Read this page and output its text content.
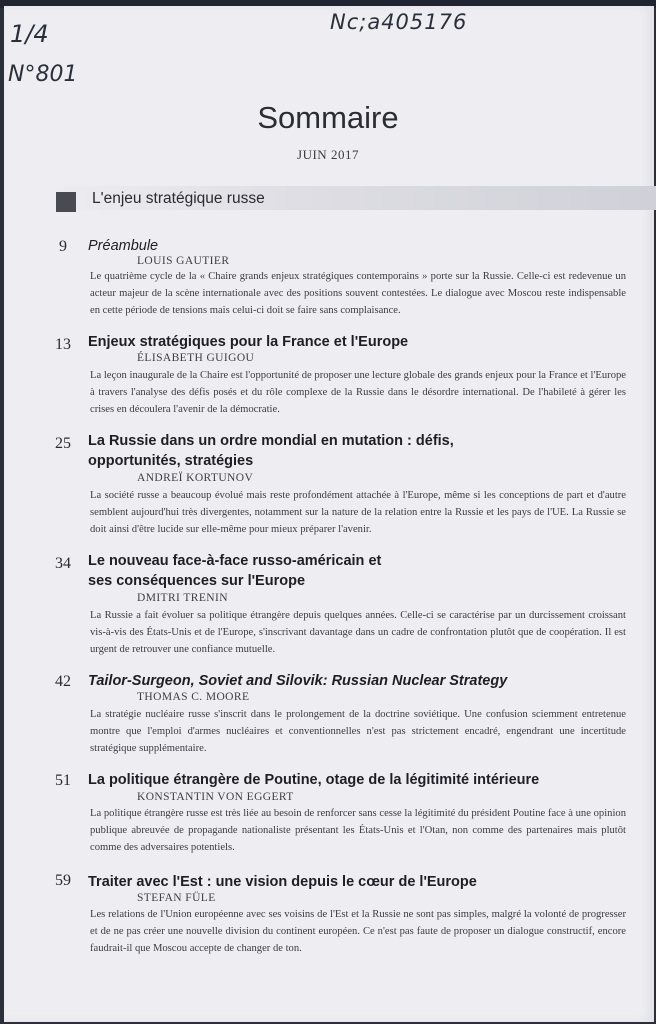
1/4
N°801
Nc;a405176
Sommaire
JUIN 2017
L'enjeu stratégique russe
9	Préambule
LOUIS GAUTIER
Le quatrième cycle de la « Chaire grands enjeux stratégiques contemporains » porte sur la Russie. Celle-ci est redevenue un acteur majeur de la scène internationale avec des positions souvent contestées. Le dialogue avec Moscou reste indispensable en cette période de tensions mais celui-ci doit se faire sans complaisance.
13	Enjeux stratégiques pour la France et l'Europe
ÉLISABETH GUIGOU
La leçon inaugurale de la Chaire est l'opportunité de proposer une lecture globale des grands enjeux pour la France et l'Europe à travers l'analyse des défis posés et du rôle complexe de la Russie dans le désordre international. De l'habileté à gérer les crises en découlera l'avenir de la démocratie.
25	La Russie dans un ordre mondial en mutation : défis, opportunités, stratégies
ANDREÏ KORTUNOV
La société russe a beaucoup évolué mais reste profondément attachée à l'Europe, même si les conceptions de part et d'autre semblent aujourd'hui très divergentes, notamment sur la nature de la relation entre la Russie et les pays de l'UE. La Russie se doit ainsi d'être lucide sur elle-même pour mieux préparer l'avenir.
34	Le nouveau face-à-face russo-américain et ses conséquences sur l'Europe
DMITRI TRENIN
La Russie a fait évoluer sa politique étrangère depuis quelques années. Celle-ci se caractérise par un durcissement croissant vis-à-vis des États-Unis et de l'Europe, s'inscrivant davantage dans un cadre de confrontation plutôt que de coopération. Il est urgent de retrouver une confiance mutuelle.
42	Tailor-Surgeon, Soviet and Silovik: Russian Nuclear Strategy
THOMAS C. MOORE
La stratégie nucléaire russe s'inscrit dans le prolongement de la doctrine soviétique. Une confusion sciemment entretenue montre que l'emploi d'armes nucléaires et conventionnelles n'est pas strictement encadré, engendrant une incertitude stratégique supplémentaire.
51	La politique étrangère de Poutine, otage de la légitimité intérieure
KONSTANTIN VON EGGERT
La politique étrangère russe est très liée au besoin de renforcer sans cesse la légitimité du président Poutine face à une opinion publique abreuvée de propagande nationaliste présentant les États-Unis et l'Otan, non comme des partenaires mais plutôt comme des adversaires potentiels.
59	Traiter avec l'Est : une vision depuis le cœur de l'Europe
STEFAN FÜLE
Les relations de l'Union européenne avec ses voisins de l'Est et la Russie ne sont pas simples, malgré la volonté de progresser et de ne pas créer une nouvelle division du continent européen. Ce n'est pas faute de proposer un dialogue constructif, encore faudrait-il que Moscou accepte de changer de ton.
